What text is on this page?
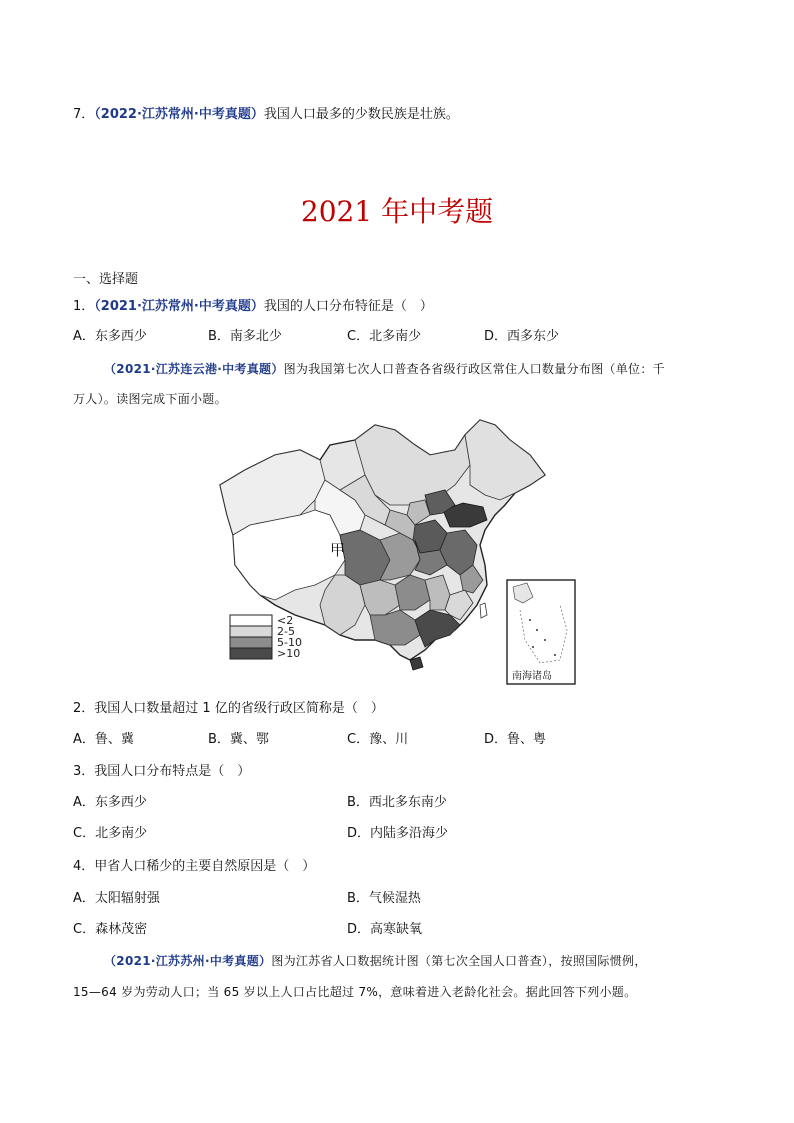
7．（2022·江苏常州·中考真题）我国人口最多的少数民族是壮族。
2021 年中考题
一、选择题
1．（2021·江苏常州·中考真题）我国的人口分布特征是（　）
A．东多西少	B．南多北少	C．北多南少	D．西多东少
（2021·江苏连云港·中考真题）图为我国第七次人口普查各省级行政区常住人口数量分布图（单位：千
万人）。读图完成下面小题。
甲
<2
2-5
5-10
>10
南海诸岛
2．我国人口数量超过 1 亿的省级行政区简称是（　）
A．鲁、冀	B．冀、鄂	C．豫、川	D．鲁、粤
3．我国人口分布特点是（　）
A．东多西少	B．西北多东南少
C．北多南少	D．内陆多沿海少
4．甲省人口稀少的主要自然原因是（　）
A．太阳辐射强	B．气候湿热
C．森林茂密	D．高寒缺氧
（2021·江苏苏州·中考真题）图为江苏省人口数据统计图（第七次全国人口普查），按照国际惯例，
15—64 岁为劳动人口；当 65 岁以上人口占比超过 7%，意味着进入老龄化社会。据此回答下列小题。
